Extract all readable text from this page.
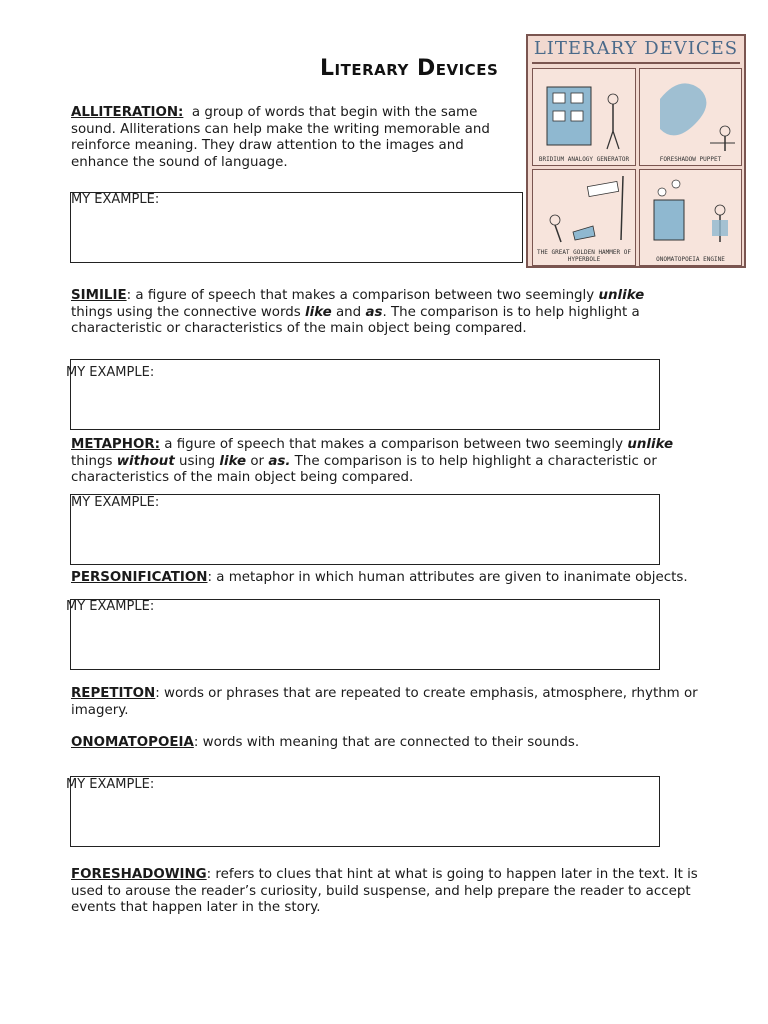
Literary Devices
LITERARY DEVICES
BRIDIUM ANALOGY GENERATOR	FORESHADOW PUPPET
THE GREAT GOLDEN HAMMER OF HYPERBOLE	ONOMATOPOEIA ENGINE
ALLITERATION: a group of words that begin with the same sound. Alliterations can help make the writing memorable and reinforce meaning. They draw attention to the images and enhance the sound of language.
MY EXAMPLE:
SIMILIE: a figure of speech that makes a comparison between two seemingly unlike things using the connective words like and as. The comparison is to help highlight a characteristic or characteristics of the main object being compared.
MY EXAMPLE:
METAPHOR: a figure of speech that makes a comparison between two seemingly unlike things without using like or as. The comparison is to help highlight a characteristic or characteristics of the main object being compared.
MY EXAMPLE:
PERSONIFICATION: a metaphor in which human attributes are given to inanimate objects.
MY EXAMPLE:
REPETITON: words or phrases that are repeated to create emphasis, atmosphere, rhythm or imagery.
ONOMATOPOEIA: words with meaning that are connected to their sounds.
MY EXAMPLE:
FORESHADOWING: refers to clues that hint at what is going to happen later in the text. It is used to arouse the reader’s curiosity, build suspense, and help prepare the reader to accept events that happen later in the story.
